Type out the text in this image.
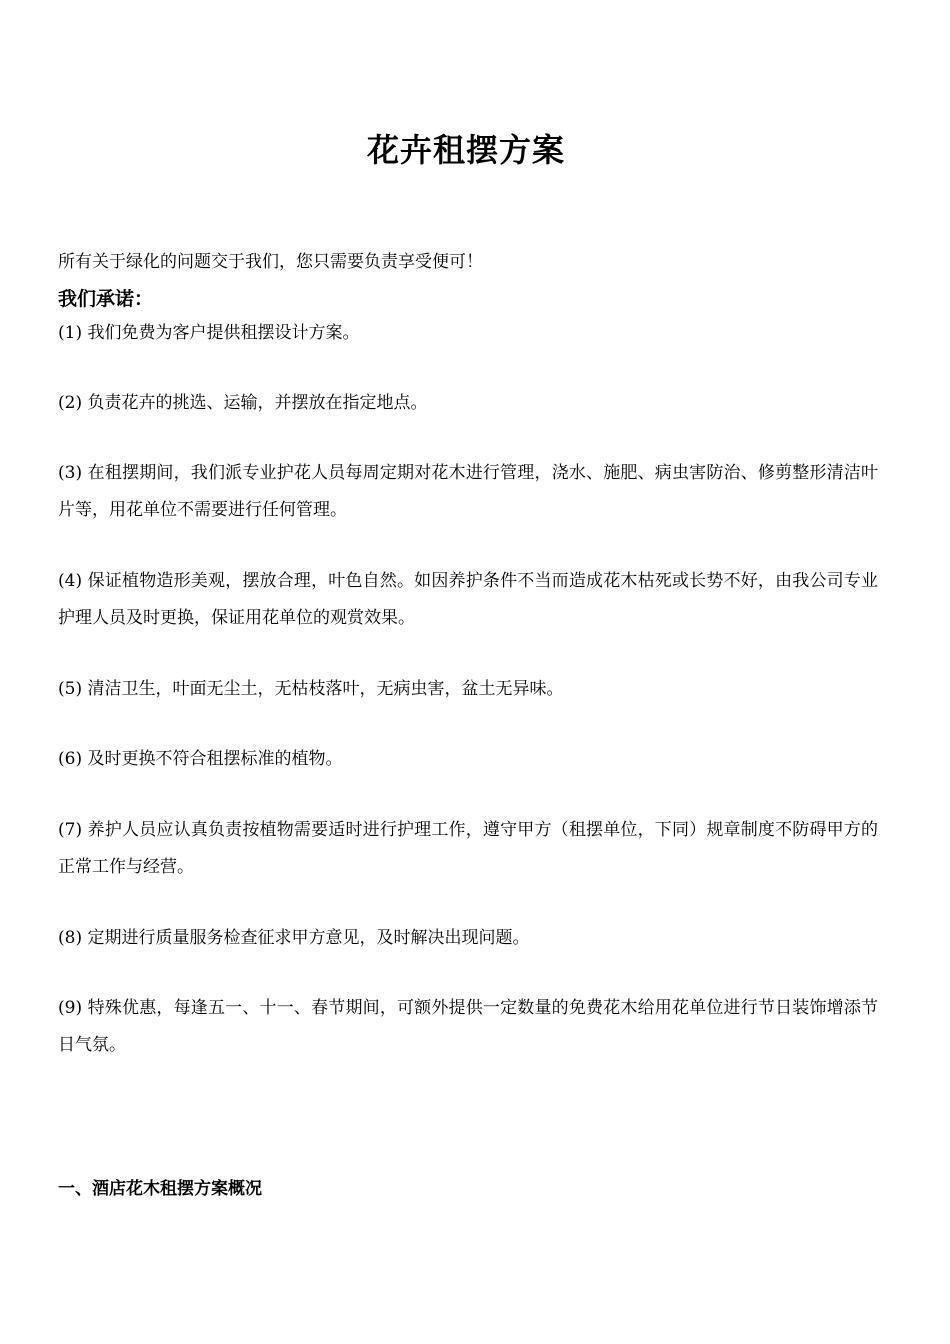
花卉租摆方案
所有关于绿化的问题交于我们，您只需要负责享受便可！
我们承诺：
(1) 我们免费为客户提供租摆设计方案。
(2) 负责花卉的挑选、运输，并摆放在指定地点。
(3) 在租摆期间，我们派专业护花人员每周定期对花木进行管理，浇水、施肥、病虫害防治、修剪整形清洁叶片等，用花单位不需要进行任何管理。
(4) 保证植物造形美观，摆放合理，叶色自然。如因养护条件不当而造成花木枯死或长势不好，由我公司专业护理人员及时更换，保证用花单位的观赏效果。
(5) 清洁卫生，叶面无尘土，无枯枝落叶，无病虫害，盆土无异味。
(6) 及时更换不符合租摆标准的植物。
(7) 养护人员应认真负责按植物需要适时进行护理工作，遵守甲方（租摆单位，下同）规章制度不防碍甲方的正常工作与经营。
(8) 定期进行质量服务检查征求甲方意见，及时解决出现问题。
(9) 特殊优惠，每逢五一、十一、春节期间，可额外提供一定数量的免费花木给用花单位进行节日装饰增添节日气氛。
一、酒店花木租摆方案概况
